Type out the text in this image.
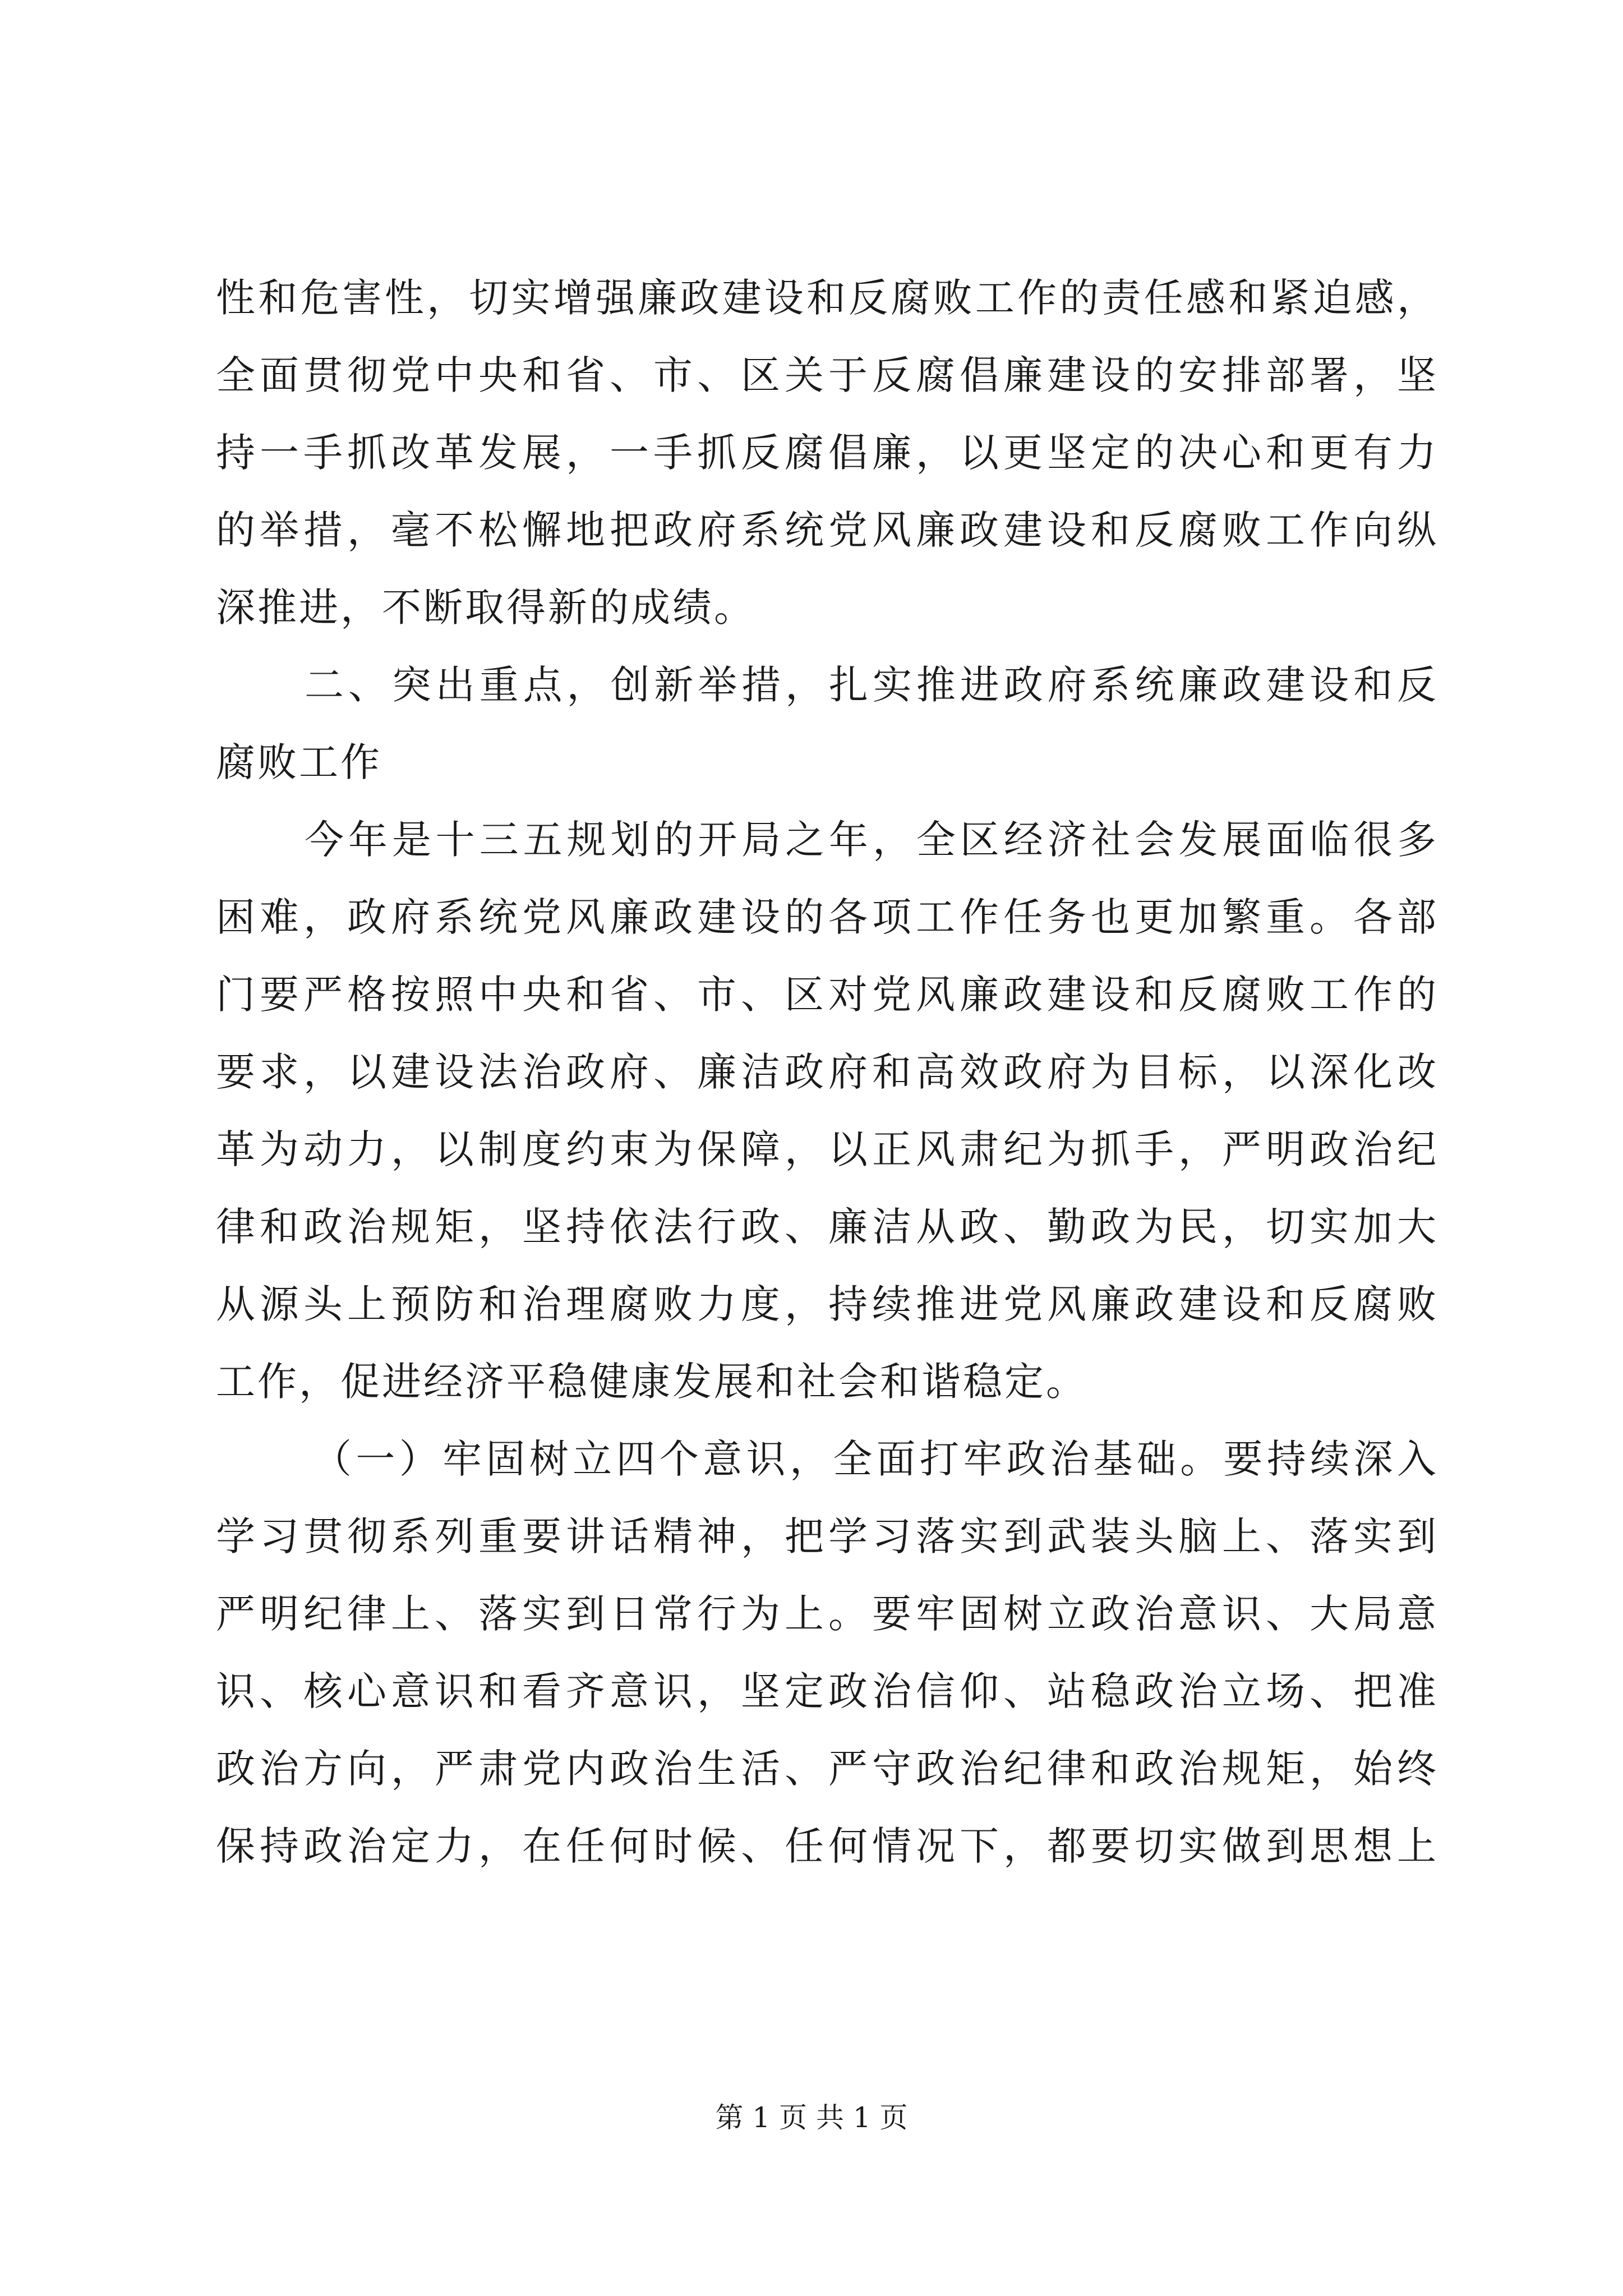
性和危害性，切实增强廉政建设和反腐败工作的责任感和紧迫感，
全面贯彻党中央和省、市、区关于反腐倡廉建设的安排部署，坚
持一手抓改革发展，一手抓反腐倡廉，以更坚定的决心和更有力
的举措，毫不松懈地把政府系统党风廉政建设和反腐败工作向纵
深推进，不断取得新的成绩。
二、突出重点，创新举措，扎实推进政府系统廉政建设和反
腐败工作
今年是十三五规划的开局之年，全区经济社会发展面临很多
困难，政府系统党风廉政建设的各项工作任务也更加繁重。各部
门要严格按照中央和省、市、区对党风廉政建设和反腐败工作的
要求，以建设法治政府、廉洁政府和高效政府为目标，以深化改
革为动力，以制度约束为保障，以正风肃纪为抓手，严明政治纪
律和政治规矩，坚持依法行政、廉洁从政、勤政为民，切实加大
从源头上预防和治理腐败力度，持续推进党风廉政建设和反腐败
工作，促进经济平稳健康发展和社会和谐稳定。
（一）牢固树立四个意识，全面打牢政治基础。要持续深入
学习贯彻系列重要讲话精神，把学习落实到武装头脑上、落实到
严明纪律上、落实到日常行为上。要牢固树立政治意识、大局意
识、核心意识和看齐意识，坚定政治信仰、站稳政治立场、把准
政治方向，严肃党内政治生活、严守政治纪律和政治规矩，始终
保持政治定力，在任何时候、任何情况下，都要切实做到思想上
第 1 页 共 1 页
